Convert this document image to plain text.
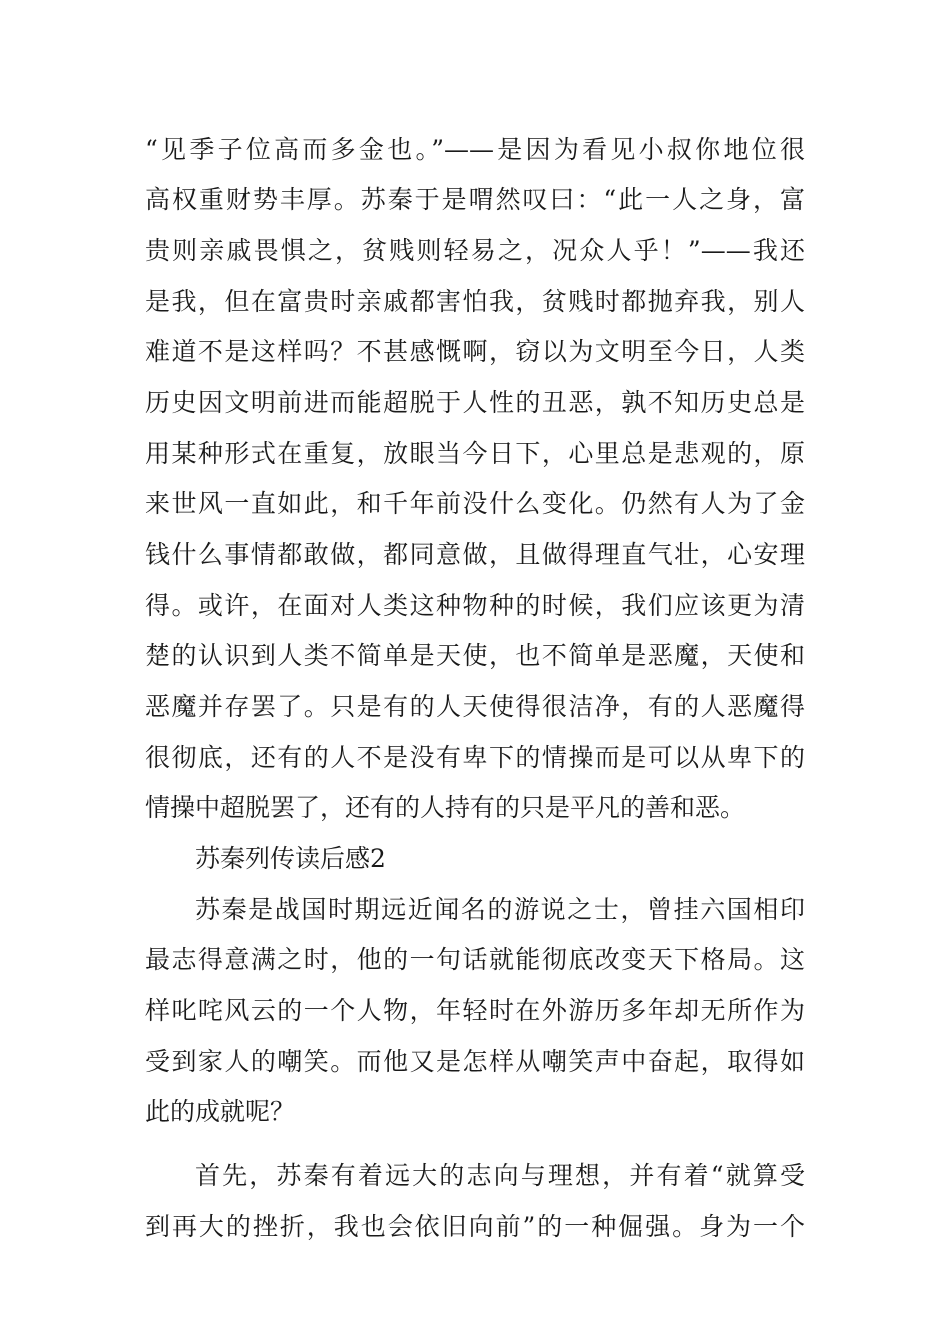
“见季子位高而多金也。”——是因为看见小叔你地位很
高权重财势丰厚。苏秦于是喟然叹曰：“此一人之身，富
贵则亲戚畏惧之，贫贱则轻易之，况众人乎！”——我还
是我，但在富贵时亲戚都害怕我，贫贱时都抛弃我，别人
难道不是这样吗？不甚感慨啊，窃以为文明至今日，人类
历史因文明前进而能超脱于人性的丑恶，孰不知历史总是
用某种形式在重复，放眼当今日下，心里总是悲观的，原
来世风一直如此，和千年前没什么变化。仍然有人为了金
钱什么事情都敢做，都同意做，且做得理直气壮，心安理
得。或许，在面对人类这种物种的时候，我们应该更为清
楚的认识到人类不简单是天使，也不简单是恶魔，天使和
恶魔并存罢了。只是有的人天使得很洁净，有的人恶魔得
很彻底，还有的人不是没有卑下的情操而是可以从卑下的
情操中超脱罢了，还有的人持有的只是平凡的善和恶。
苏秦列传读后感2
苏秦是战国时期远近闻名的游说之士，曾挂六国相印
最志得意满之时，他的一句话就能彻底改变天下格局。这
样叱咤风云的一个人物，年轻时在外游历多年却无所作为
受到家人的嘲笑。而他又是怎样从嘲笑声中奋起，取得如
此的成就呢？
首先，苏秦有着远大的志向与理想，并有着“就算受
到再大的挫折，我也会依旧向前”的一种倔强。身为一个
